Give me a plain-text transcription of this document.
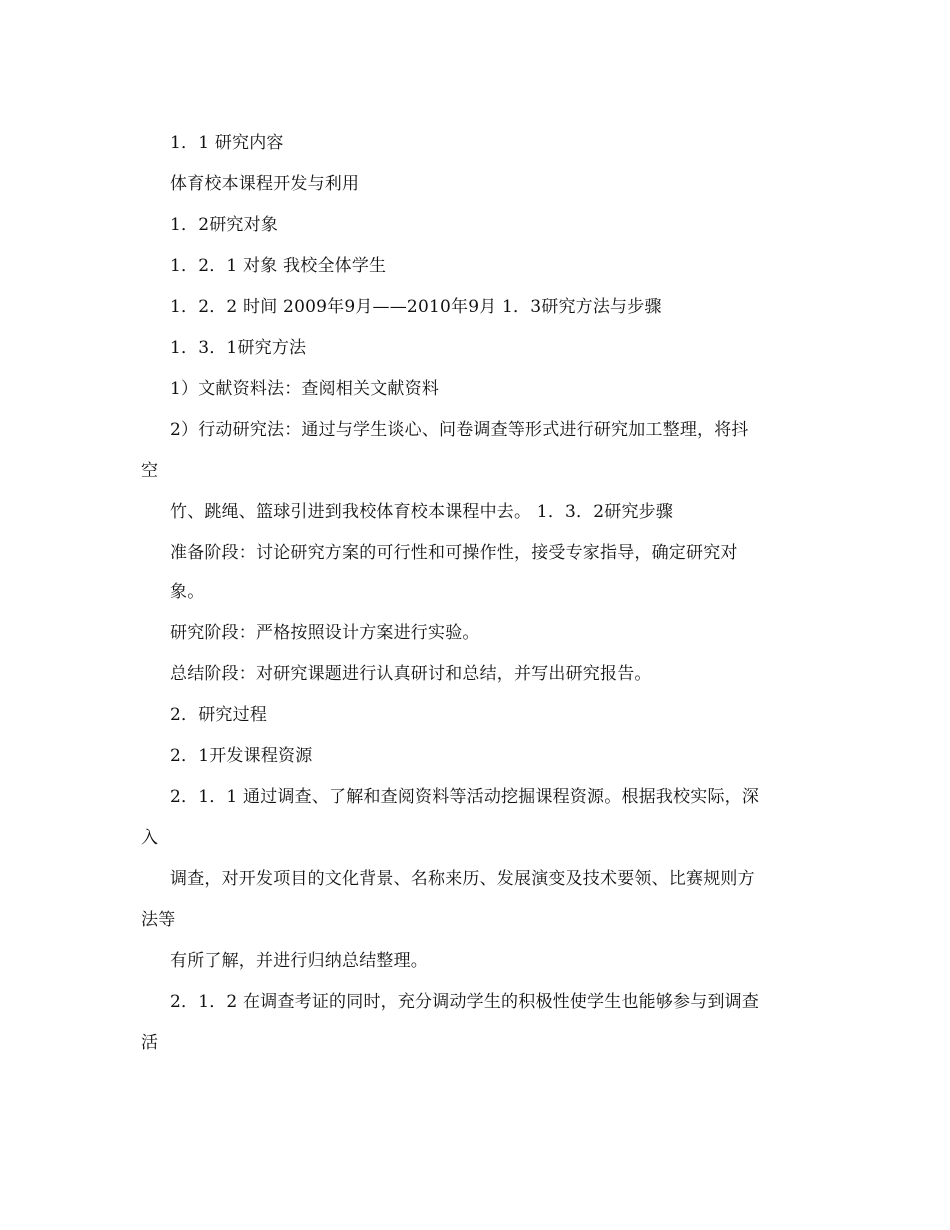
1．1 研究内容
体育校本课程开发与利用
1．2研究对象
1．2．1 对象 我校全体学生
1．2．2 时间 2009年9月——2010年9月 1．3研究方法与步骤
1．3．1研究方法
1）文献资料法：查阅相关文献资料
2）行动研究法：通过与学生谈心、问卷调查等形式进行研究加工整理，将抖
空
竹、跳绳、篮球引进到我校体育校本课程中去。 1．3．2研究步骤
准备阶段：讨论研究方案的可行性和可操作性，接受专家指导，确定研究对
象。
研究阶段：严格按照设计方案进行实验。
总结阶段：对研究课题进行认真研讨和总结，并写出研究报告。
2．研究过程
2．1开发课程资源
2．1．1 通过调查、了解和查阅资料等活动挖掘课程资源。根据我校实际，深
入
调查，对开发项目的文化背景、名称来历、发展演变及技术要领、比赛规则方
法等
有所了解，并进行归纳总结整理。
2．1．2 在调查考证的同时，充分调动学生的积极性使学生也能够参与到调查
活
